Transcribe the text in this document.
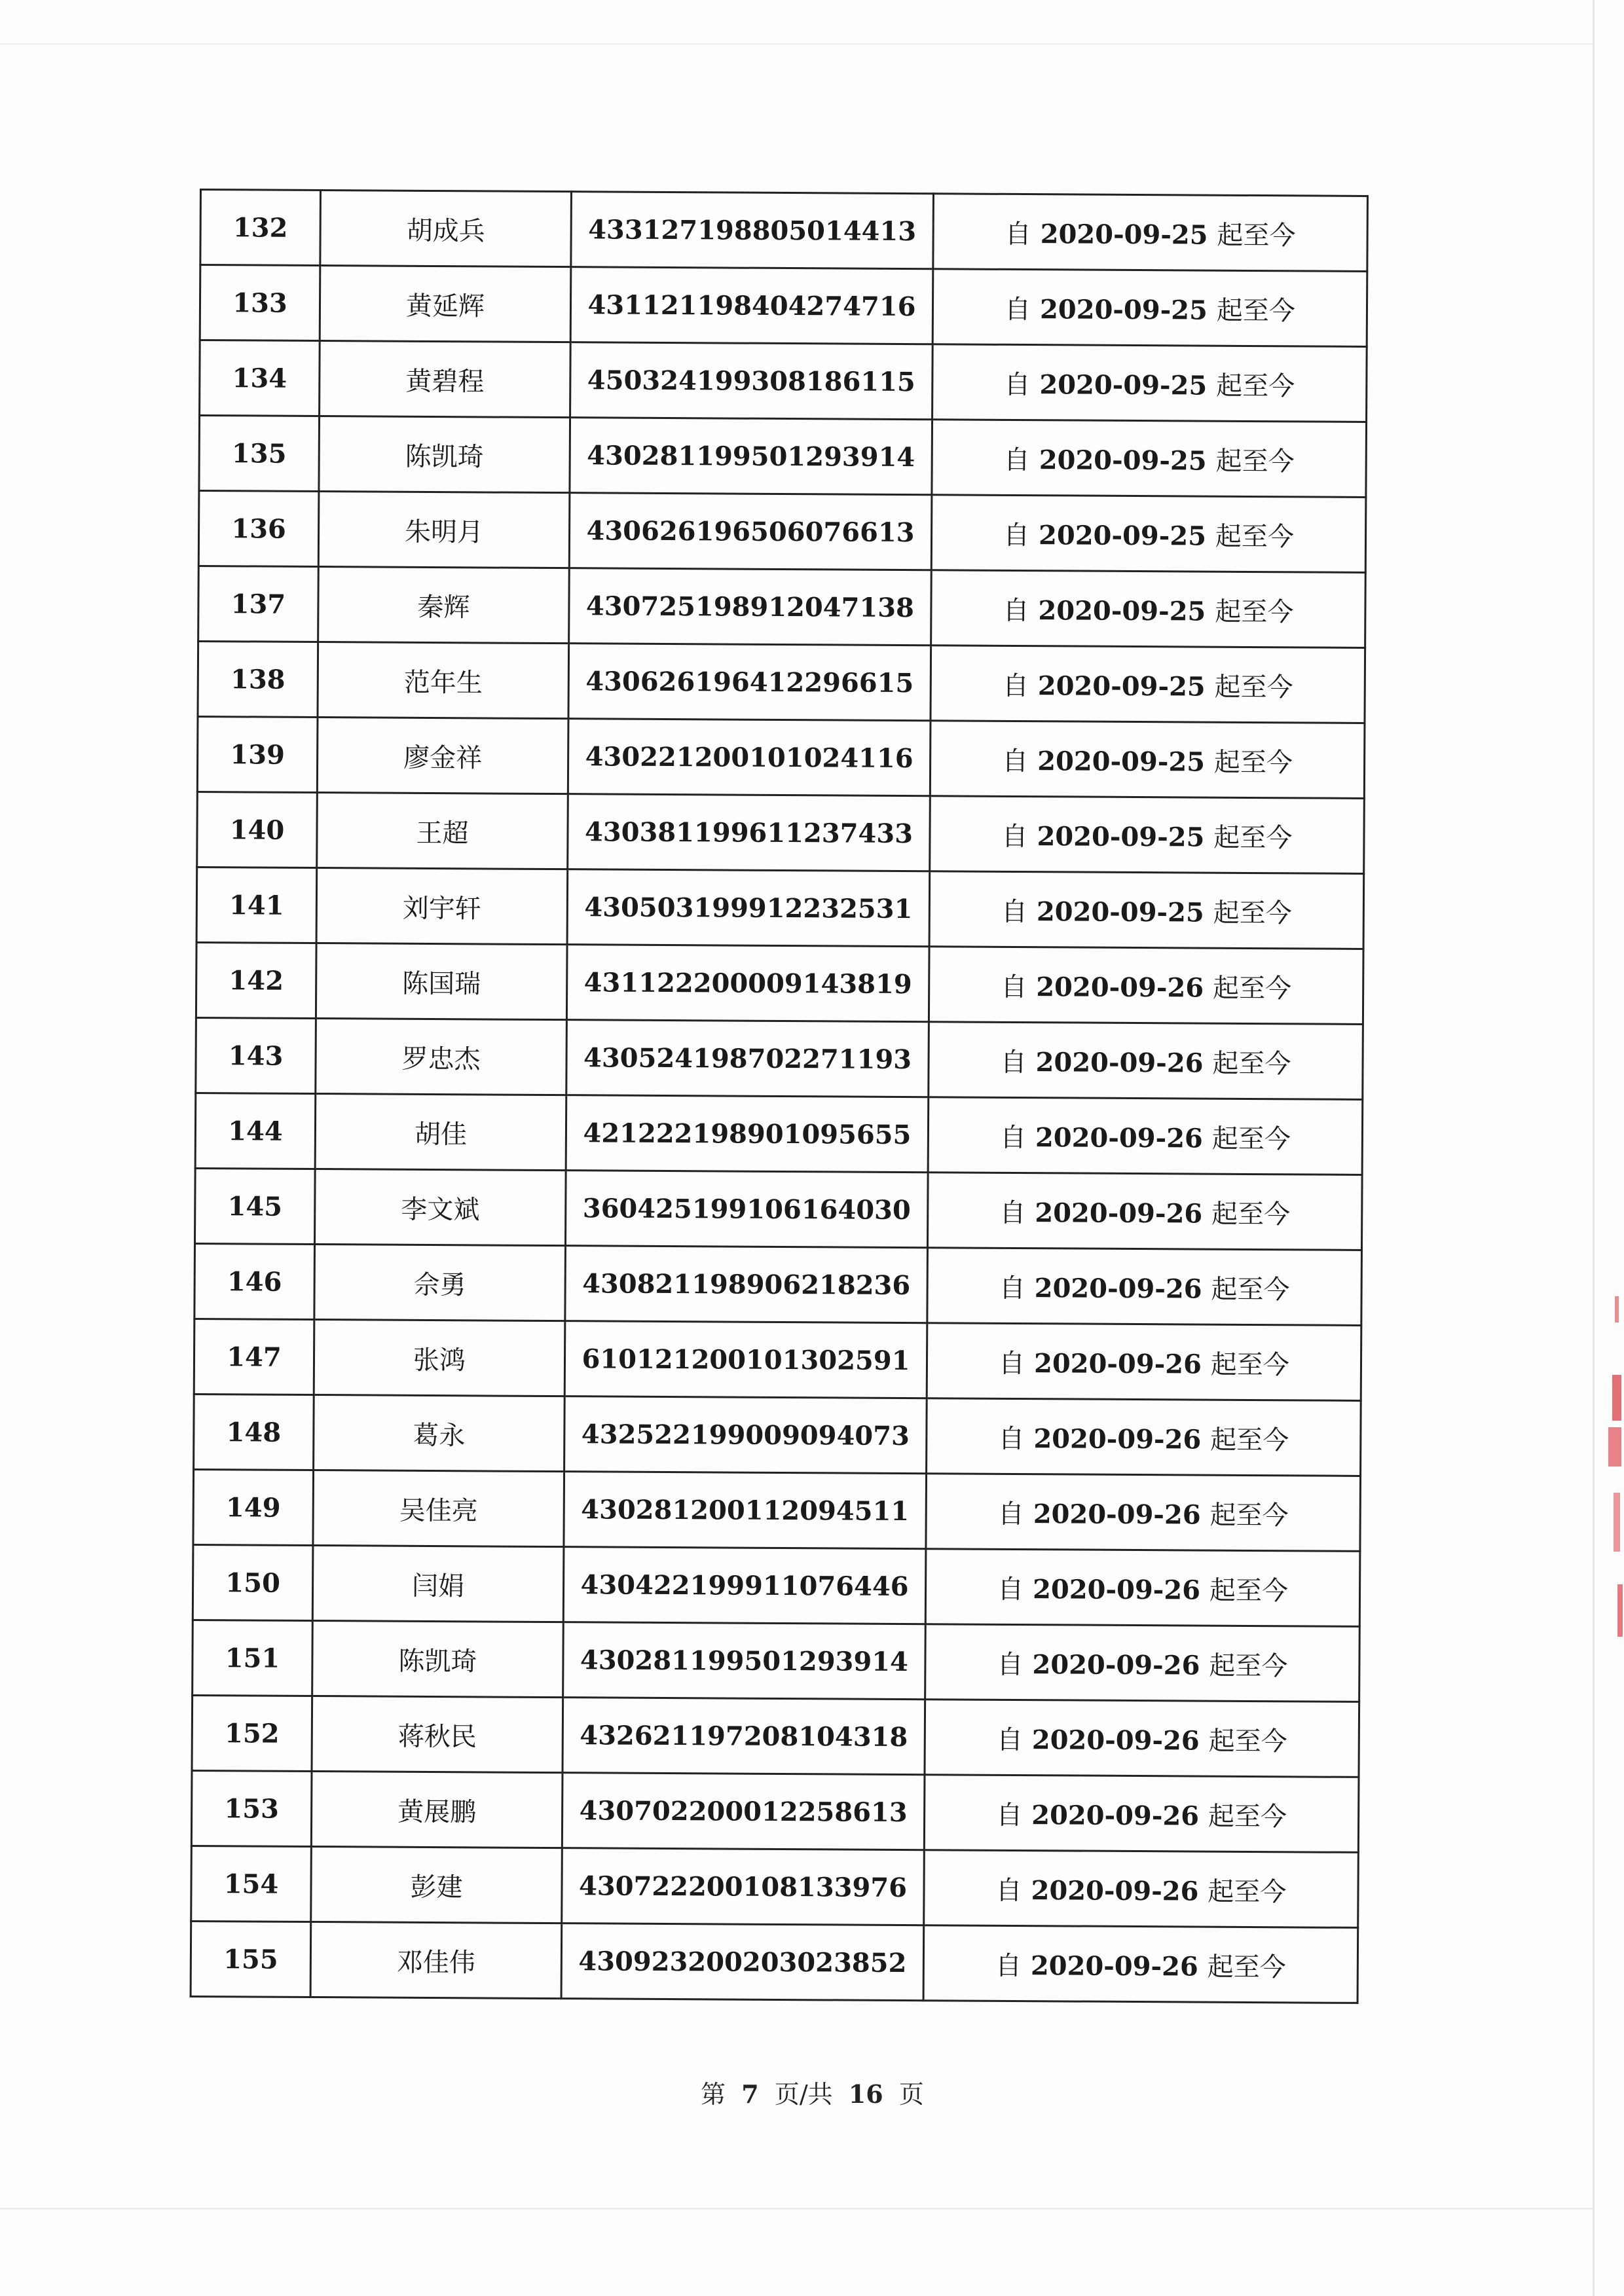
132	胡成兵	433127198805014413	自 2020-09-25 起至今
133	黄延辉	431121198404274716	自 2020-09-25 起至今
134	黄碧程	450324199308186115	自 2020-09-25 起至今
135	陈凯琦	430281199501293914	自 2020-09-25 起至今
136	朱明月	430626196506076613	自 2020-09-25 起至今
137	秦辉	430725198912047138	自 2020-09-25 起至今
138	范年生	430626196412296615	自 2020-09-25 起至今
139	廖金祥	430221200101024116	自 2020-09-25 起至今
140	王超	430381199611237433	自 2020-09-25 起至今
141	刘宇轩	430503199912232531	自 2020-09-25 起至今
142	陈国瑞	431122200009143819	自 2020-09-26 起至今
143	罗忠杰	430524198702271193	自 2020-09-26 起至今
144	胡佳	421222198901095655	自 2020-09-26 起至今
145	李文斌	360425199106164030	自 2020-09-26 起至今
146	佘勇	430821198906218236	自 2020-09-26 起至今
147	张鸿	610121200101302591	自 2020-09-26 起至今
148	葛永	432522199009094073	自 2020-09-26 起至今
149	吴佳亮	430281200112094511	自 2020-09-26 起至今
150	闫娟	430422199911076446	自 2020-09-26 起至今
151	陈凯琦	430281199501293914	自 2020-09-26 起至今
152	蒋秋民	432621197208104318	自 2020-09-26 起至今
153	黄展鹏	430702200012258613	自 2020-09-26 起至今
154	彭建	430722200108133976	自 2020-09-26 起至今
155	邓佳伟	430923200203023852	自 2020-09-26 起至今
第 7 页/共 16 页
